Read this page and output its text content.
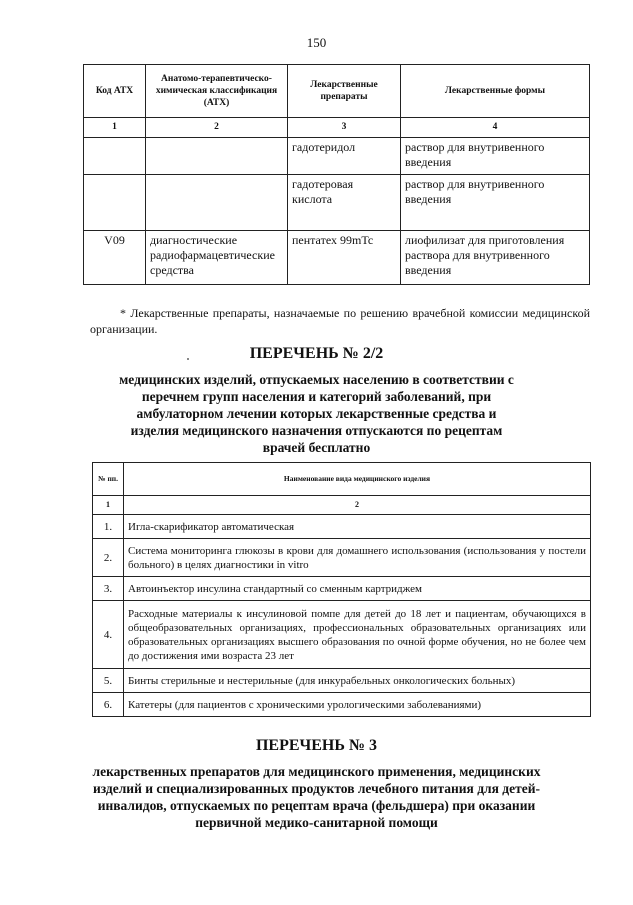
150
Код АТХ	Анатомо-терапевтическо-химическая классификация (АТХ)	Лекарственные препараты	Лекарственные формы
1	2	3	4
		гадотеридол	раствор для внутривенного введения
		гадотеровая кислота	раствор для внутривенного введения
V09	диагностические радиофармацевтические средства	пентатех 99mTc	лиофилизат для приготовления раствора для внутривенного введения
* Лекарственные препараты, назначаемые по решению врачебной комиссии медицинской организации.
ПЕРЕЧЕНЬ № 2/2
медицинских изделий, отпускаемых населению в соответствии с перечнем групп населения и категорий заболеваний, при амбулаторном лечении которых лекарственные средства и изделия медицинского назначения отпускаются по рецептам врачей бесплатно
№ пп.	Наименование вида медицинского изделия
1	2
1.	Игла-скарификатор автоматическая
2.	Система мониторинга глюкозы в крови для домашнего использования (использования у постели больного) в целях диагностики in vitro
3.	Автоинъектор инсулина стандартный со сменным картриджем
4.	Расходные материалы к инсулиновой помпе для детей до 18 лет и пациентам, обучающихся в общеобразовательных организациях, профессиональных образовательных организациях или образовательных организациях высшего образования по очной форме обучения, но не более чем до достижения ими возраста 23 лет
5.	Бинты стерильные и нестерильные (для инкурабельных онкологических больных)
6.	Катетеры (для пациентов с хроническими урологическими заболеваниями)
ПЕРЕЧЕНЬ № 3
лекарственных препаратов для медицинского применения, медицинских изделий и специализированных продуктов лечебного питания для детей-инвалидов, отпускаемых по рецептам врача (фельдшера) при оказании первичной медико-санитарной помощи
